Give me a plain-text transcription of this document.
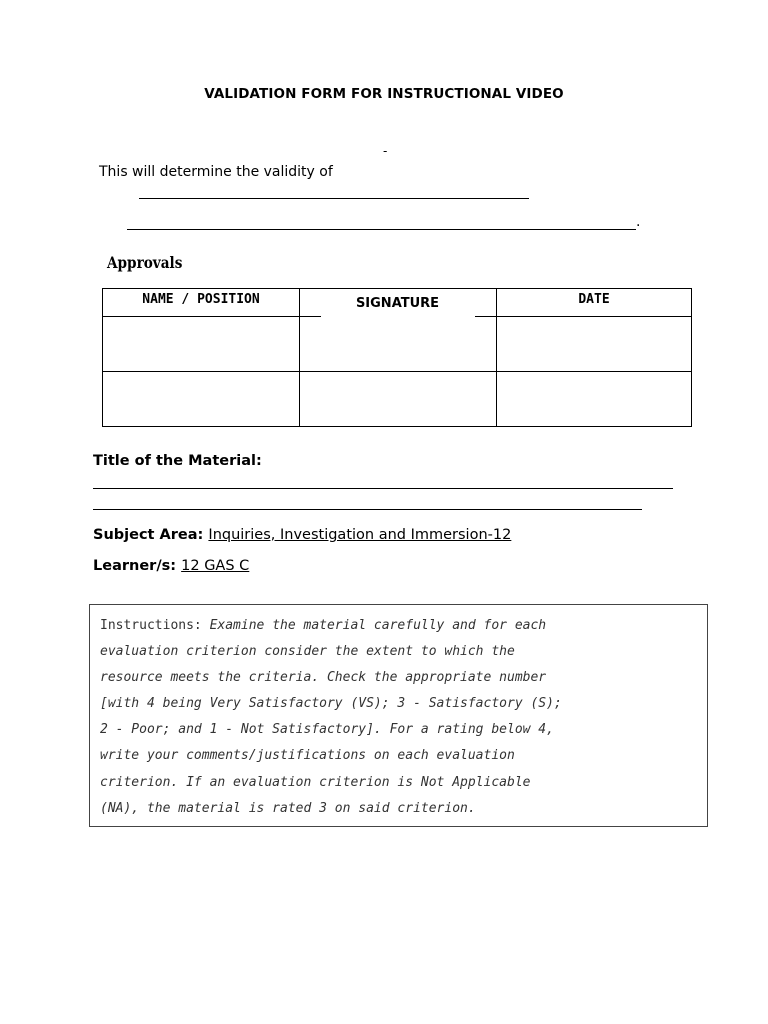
VALIDATION FORM FOR INSTRUCTIONAL VIDEO
-
This will determine the validity of
.
Approvals
NAME / POSITION	SIGNATURE	DATE
Title of the Material:
Subject Area: Inquiries, Investigation and Immersion-12
Learner/s: 12 GAS C

Instructions: Examine the material carefully and for each

evaluation criterion consider the extent to which the

resource meets the criteria. Check the appropriate number

[with 4 being Very Satisfactory (VS); 3 - Satisfactory (S);

2 - Poor; and 1 - Not Satisfactory]. For a rating below 4,

write your comments/justifications on each evaluation

criterion. If an evaluation criterion is Not Applicable

(NA), the material is rated 3 on said criterion.
